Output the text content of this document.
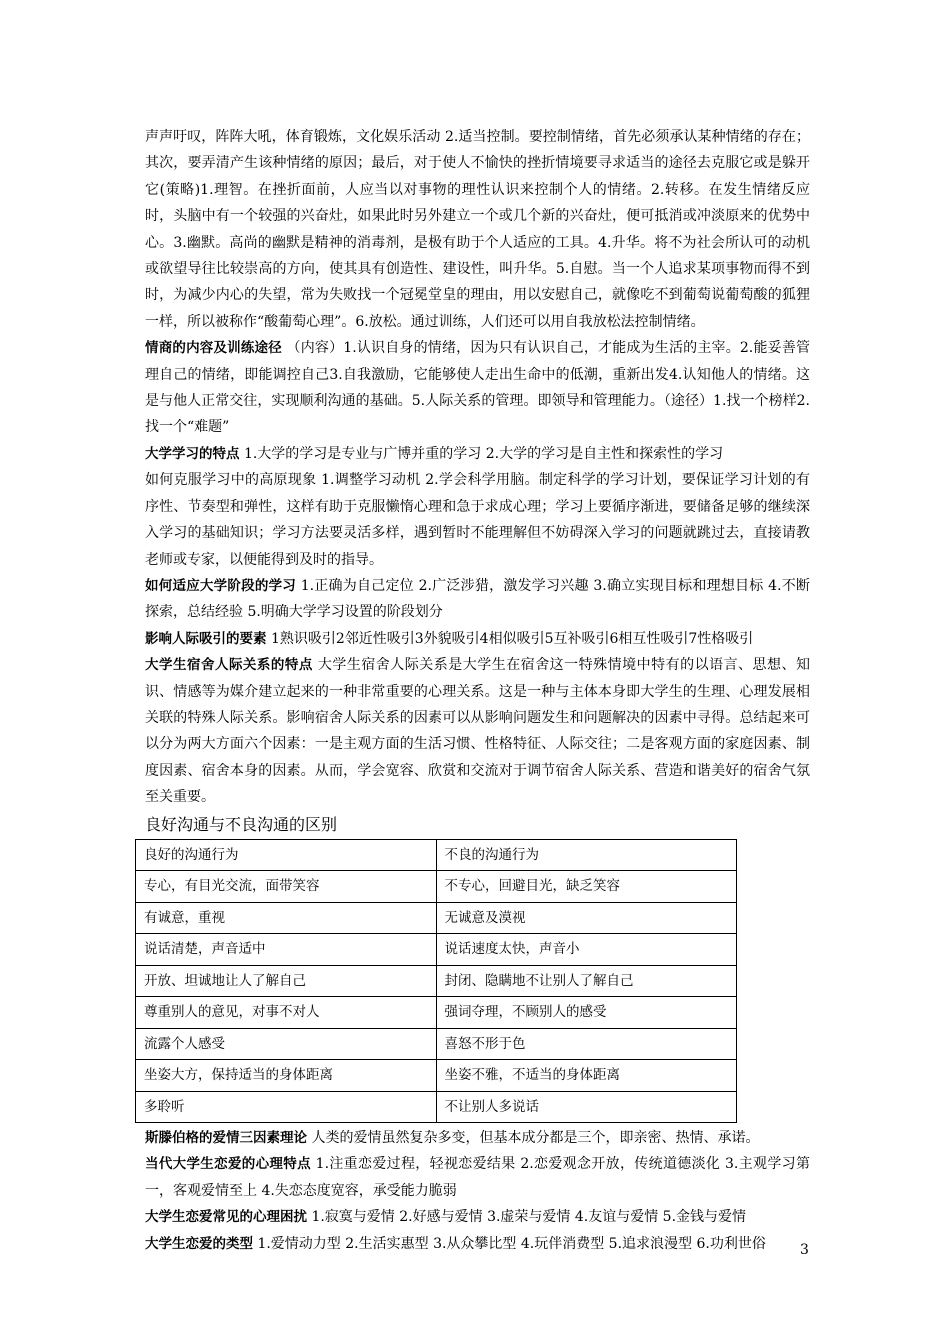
声声吁叹，阵阵大吼，体育锻炼，文化娱乐活动 2.适当控制。要控制情绪，首先必须承认某种情绪的存在；其次，要弄清产生该种情绪的原因；最后，对于使人不愉快的挫折情境要寻求适当的途径去克服它或是躲开它(策略)1.理智。在挫折面前，人应当以对事物的理性认识来控制个人的情绪。2.转移。在发生情绪反应时，头脑中有一个较强的兴奋灶，如果此时另外建立一个或几个新的兴奋灶，便可抵消或冲淡原来的优势中心。3.幽默。高尚的幽默是精神的消毒剂，是极有助于个人适应的工具。4.升华。将不为社会所认可的动机或欲望导往比较崇高的方向，使其具有创造性、建设性，叫升华。5.自慰。当一个人追求某项事物而得不到时，为减少内心的失望，常为失败找一个冠冕堂皇的理由，用以安慰自己，就像吃不到葡萄说葡萄酸的狐狸一样，所以被称作“酸葡萄心理”。6.放松。通过训练，人们还可以用自我放松法控制情绪。

情商的内容及训练途径 （内容）1.认识自身的情绪，因为只有认识自己，才能成为生活的主宰。2.能妥善管理自己的情绪，即能调控自己3.自我激励，它能够使人走出生命中的低潮，重新出发4.认知他人的情绪。这是与他人正常交往，实现顺利沟通的基础。5.人际关系的管理。即领导和管理能力。（途径）1.找一个榜样2.找一个“难题”

大学学习的特点 1.大学的学习是专业与广博并重的学习 2.大学的学习是自主性和探索性的学习

如何克服学习中的高原现象 1.调整学习动机 2.学会科学用脑。制定科学的学习计划，要保证学习计划的有序性、节奏型和弹性，这样有助于克服懒惰心理和急于求成心理；学习上要循序渐进，要储备足够的继续深入学习的基础知识；学习方法要灵活多样，遇到暂时不能理解但不妨碍深入学习的问题就跳过去，直接请教老师或专家，以便能得到及时的指导。

如何适应大学阶段的学习 1.正确为自己定位 2.广泛涉猎，激发学习兴趣 3.确立实现目标和理想目标 4.不断探索，总结经验 5.明确大学学习设置的阶段划分

影响人际吸引的要素 1熟识吸引2邻近性吸引3外貌吸引4相似吸引5互补吸引6相互性吸引7性格吸引

大学生宿舍人际关系的特点 大学生宿舍人际关系是大学生在宿舍这一特殊情境中特有的以语言、思想、知识、情感等为媒介建立起来的一种非常重要的心理关系。这是一种与主体本身即大学生的生理、心理发展相关联的特殊人际关系。影响宿舍人际关系的因素可以从影响问题发生和问题解决的因素中寻得。总结起来可以分为两大方面六个因素：一是主观方面的生活习惯、性格特征、人际交往；二是客观方面的家庭因素、制度因素、宿舍本身的因素。从而，学会宽容、欣赏和交流对于调节宿舍人际关系、营造和谐美好的宿舍气氛至关重要。

良好沟通与不良沟通的区别
良好的沟通行为	不良的沟通行为
专心，有目光交流，面带笑容	不专心，回避目光，缺乏笑容
有诚意，重视	无诚意及漠视
说话清楚，声音适中	说话速度太快，声音小
开放、坦诚地让人了解自己	封闭、隐瞒地不让别人了解自己
尊重别人的意见，对事不对人	强词夺理，不顾别人的感受
流露个人感受	喜怒不形于色
坐姿大方，保持适当的身体距离	坐姿不雅，不适当的身体距离
多聆听	不让别人多说话

斯滕伯格的爱情三因素理论 人类的爱情虽然复杂多变，但基本成分都是三个，即亲密、热情、承诺。

当代大学生恋爱的心理特点 1.注重恋爱过程，轻视恋爱结果 2.恋爱观念开放，传统道德淡化 3.主观学习第一，客观爱情至上 4.失恋态度宽容，承受能力脆弱

大学生恋爱常见的心理困扰 1.寂寞与爱情 2.好感与爱情 3.虚荣与爱情 4.友谊与爱情 5.金钱与爱情

大学生恋爱的类型 1.爱情动力型 2.生活实惠型 3.从众攀比型 4.玩伴消费型 5.追求浪漫型 6.功利世俗	3
